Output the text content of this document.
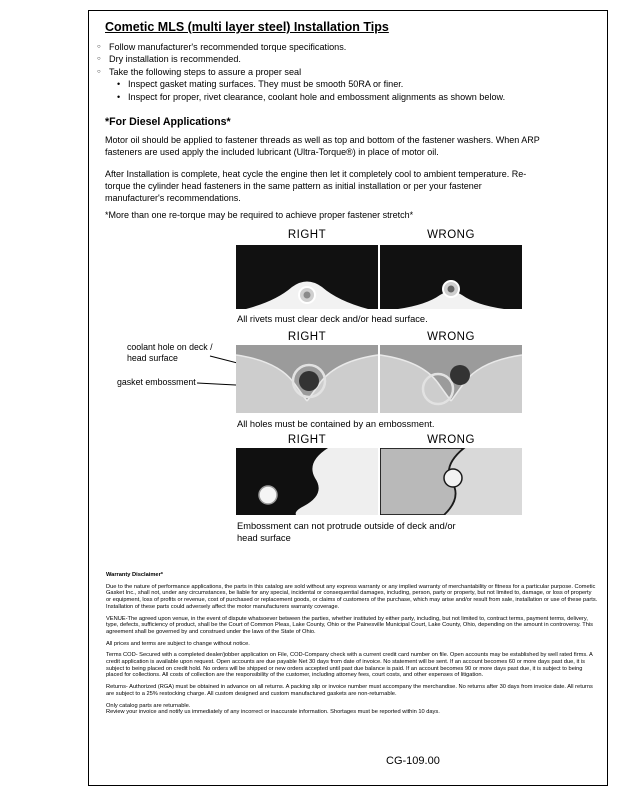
Cometic MLS (multi layer steel) Installation Tips
○ Follow manufacturer's recommended torque specifications.
○ Dry installation is recommended.
○ Take the following steps to assure a proper seal
• Inspect gasket mating surfaces. They must be smooth 50RA or finer.
• Inspect for proper, rivet clearance, coolant hole and embossment alignments as shown below.
*For Diesel Applications*
Motor oil should be applied to fastener threads as well as top and bottom of the fastener washers. When ARP fasteners are used apply the included lubricant (Ultra-Torque®) in place of motor oil.
After Installation is complete, heat cycle the engine then let it completely cool to ambient temperature. Re-torque the cylinder head fasteners in the same pattern as initial installation or per your fastener manufacturer's recommendations.
*More than one re-torque may be required to achieve proper fastener stretch*
RIGHT	WRONG
All rivets must clear deck and/or head surface.
RIGHT	WRONG
coolant hole on deck / head surface
gasket embossment
All holes must be contained by an embossment.
RIGHT	WRONG
Embossment can not protrude outside of deck and/or head surface
Warranty Disclaimer*
Due to the nature of performance applications, the parts in this catalog are sold without any express warranty or any implied warranty of merchantability or fitness for a particular purpose. Cometic Gasket Inc., shall not, under any circumstances, be liable for any special, incidental or consequential damages, including, person, party or property, but not limited to, damage, or loss of property or equipment, loss of profits or revenue, cost of purchased or replacement goods, or claims of customers of the purchase, which may arise and/or result from sale, installation or use of these parts. Installation of these parts could adversely affect the motor manufacturers warranty coverage.
VENUE-The agreed upon venue, in the event of dispute whatsoever between the parties, whether instituted by either party, including, but not limited to, contract terms, payment terms, delivery, type, defects, sufficiency of product, shall be the Court of Common Pleas, Lake County, Ohio or the Painesville Municipal Court, Lake County, Ohio, depending on the amount in controversy. This agreement shall be governed by and construed under the laws of the State of Ohio.
All prices and terms are subject to change without notice.
Terms COD- Secured with a completed dealer/jobber application on File, COD-Company check with a current credit card number on file. Open accounts may be established by well rated firms. A credit application is available upon request. Open accounts are due payable Net 30 days from date of invoice. No statement will be sent. If an account becomes 60 or more days past due, it is subject to being placed on credit hold. No orders will be shipped or new orders accepted until past due balance is paid. If an account becomes 90 or more days past due, it is subject to being placed for collections. All costs of collection are the responsibility of the customer, including attorney fees, court costs, and other expenses of litigation.
Returns- Authorized (RGA) must be obtained in advance on all returns. A packing slip or invoice number must accompany the merchandise. No returns after 30 days from invoice date. All returns are subject to a 25% restocking charge. All custom designed and custom manufactured gaskets are non-returnable.
Only catalog parts are returnable.
Review your invoice and notify us immediately of any incorrect or inaccurate information. Shortages must be reported within 10 days.
CG-109.00
